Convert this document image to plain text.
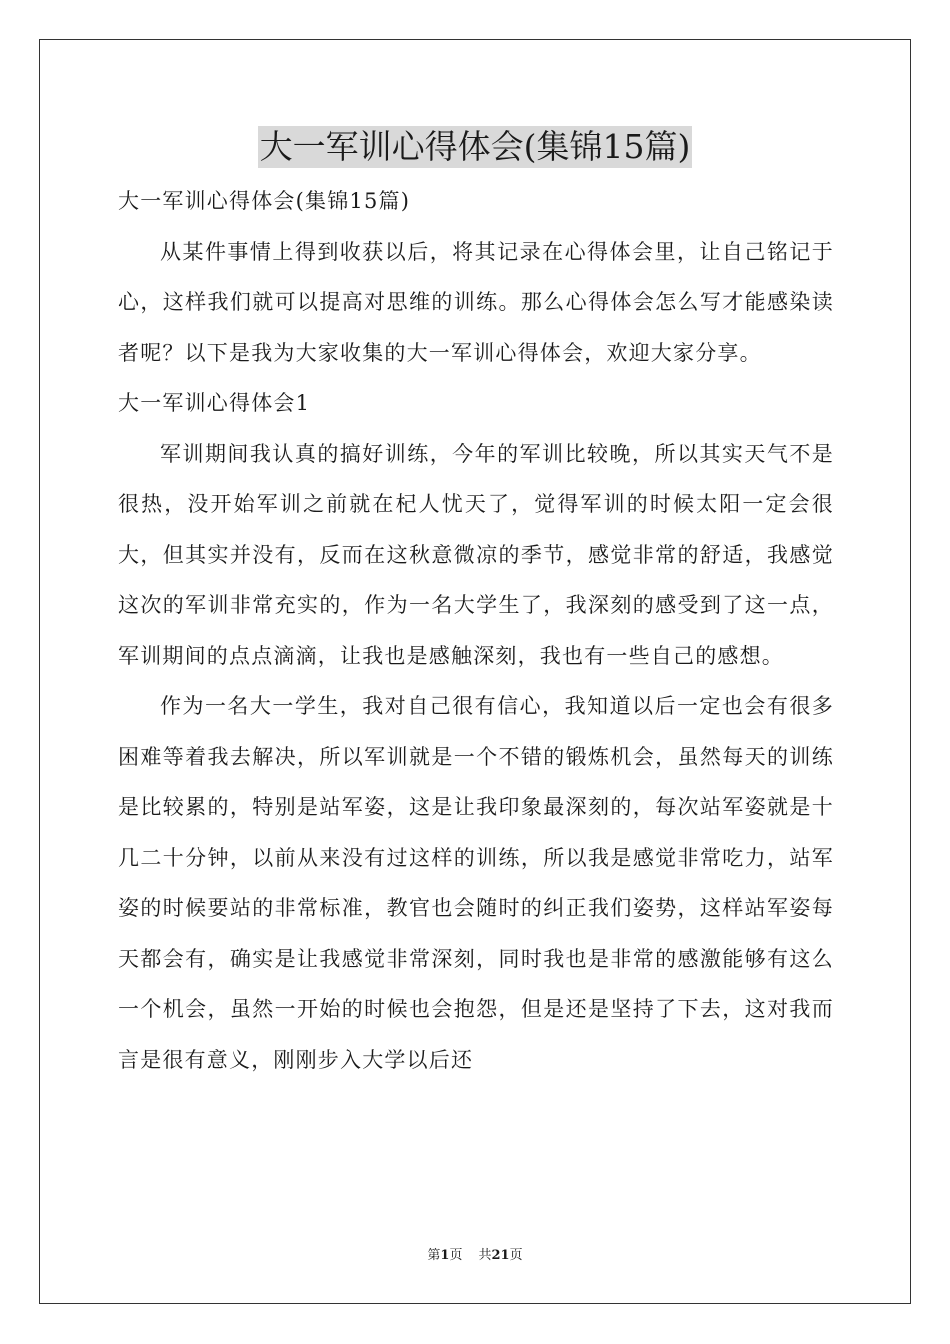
大一军训心得体会(集锦15篇)

大一军训心得体会(集锦15篇)

从某件事情上得到收获以后，将其记录在心得体会里，让自己铭记于心，这样我们就可以提高对思维的训练。那么心得体会怎么写才能感染读者呢？以下是我为大家收集的大一军训心得体会，欢迎大家分享。

大一军训心得体会1

军训期间我认真的搞好训练，今年的军训比较晚，所以其实天气不是很热，没开始军训之前就在杞人忧天了，觉得军训的时候太阳一定会很大，但其实并没有，反而在这秋意微凉的季节，感觉非常的舒适，我感觉这次的军训非常充实的，作为一名大学生了，我深刻的感受到了这一点，军训期间的点点滴滴，让我也是感触深刻，我也有一些自己的感想。

作为一名大一学生，我对自己很有信心，我知道以后一定也会有很多困难等着我去解决，所以军训就是一个不错的锻炼机会，虽然每天的训练是比较累的，特别是站军姿，这是让我印象最深刻的，每次站军姿就是十几二十分钟，以前从来没有过这样的训练，所以我是感觉非常吃力，站军姿的时候要站的非常标准，教官也会随时的纠正我们姿势，这样站军姿每天都会有，确实是让我感觉非常深刻，同时我也是非常的感激能够有这么一个机会，虽然一开始的时候也会抱怨，但是还是坚持了下去，这对我而言是很有意义，刚刚步入大学以后还

第1页 共21页
